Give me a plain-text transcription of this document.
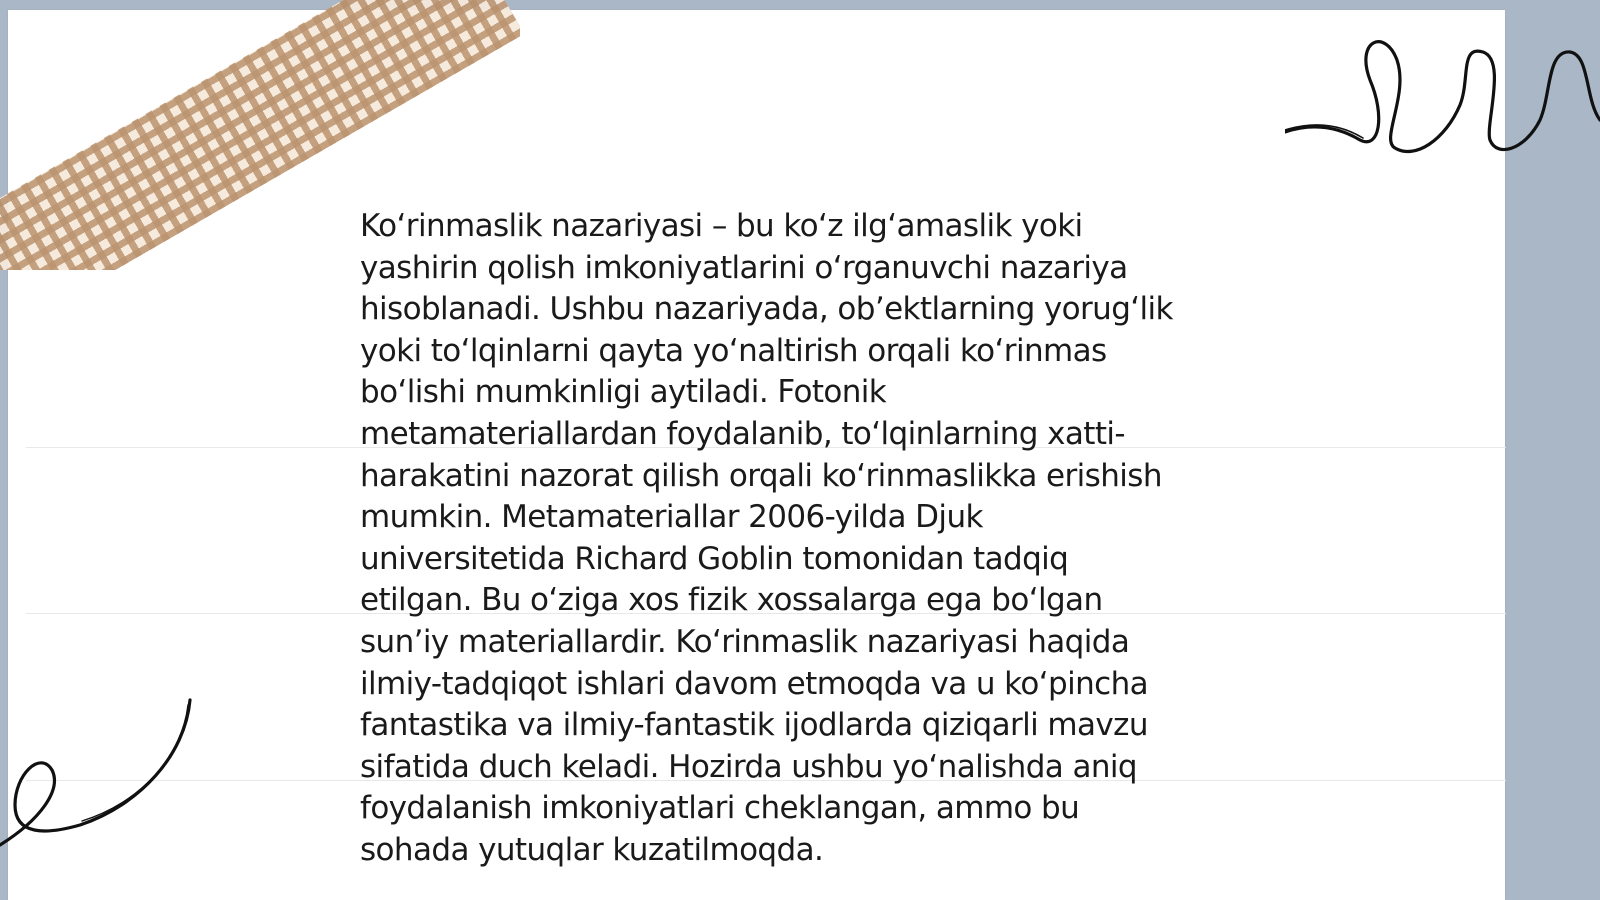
Koʻrinmaslik nazariyasi – bu koʻz ilgʻamaslik yoki
yashirin qolish imkoniyatlarini oʻrganuvchi nazariya
hisoblanadi. Ushbu nazariyada, obʼektlarning yorugʻlik
yoki toʻlqinlarni qayta yoʻnaltirish orqali koʻrinmas
boʻlishi mumkinligi aytiladi. Fotonik
metamateriallardan foydalanib, toʻlqinlarning xatti-
harakatini nazorat qilish orqali koʻrinmaslikka erishish
mumkin. Metamateriallar 2006-yilda Djuk
universitetida Richard Goblin tomonidan tadqiq
etilgan. Bu oʻziga xos fizik xossalarga ega boʻlgan
sunʼiy materiallardir. Koʻrinmaslik nazariyasi haqida
ilmiy-tadqiqot ishlari davom etmoqda va u koʻpincha
fantastika va ilmiy-fantastik ijodlarda qiziqarli mavzu
sifatida duch keladi. Hozirda ushbu yoʻnalishda aniq
foydalanish imkoniyatlari cheklangan, ammo bu
sohada yutuqlar kuzatilmoqda.
